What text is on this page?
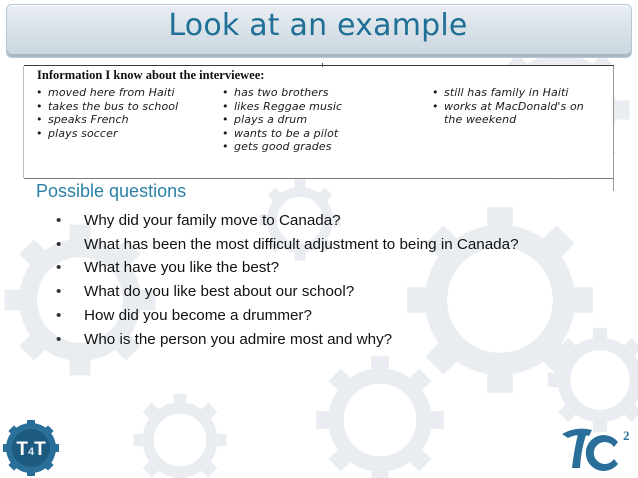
Look at an example
Information I know about the interviewee:
• moved here from Haiti
• takes the bus to school
• speaks French
• plays soccer
• has two brothers
• likes Reggae music
• plays a drum
• wants to be a pilot
• gets good grades
• still has family in Haiti
• works at MacDonald's on
the weekend
Possible questions
• Why did your family move to Canada?
• What has been the most difficult adjustment to being in Canada?
• What have you like the best?
• What do you like best about our school?
• How did you become a drummer?
• Who is the person you admire most and why?
T4T
2
